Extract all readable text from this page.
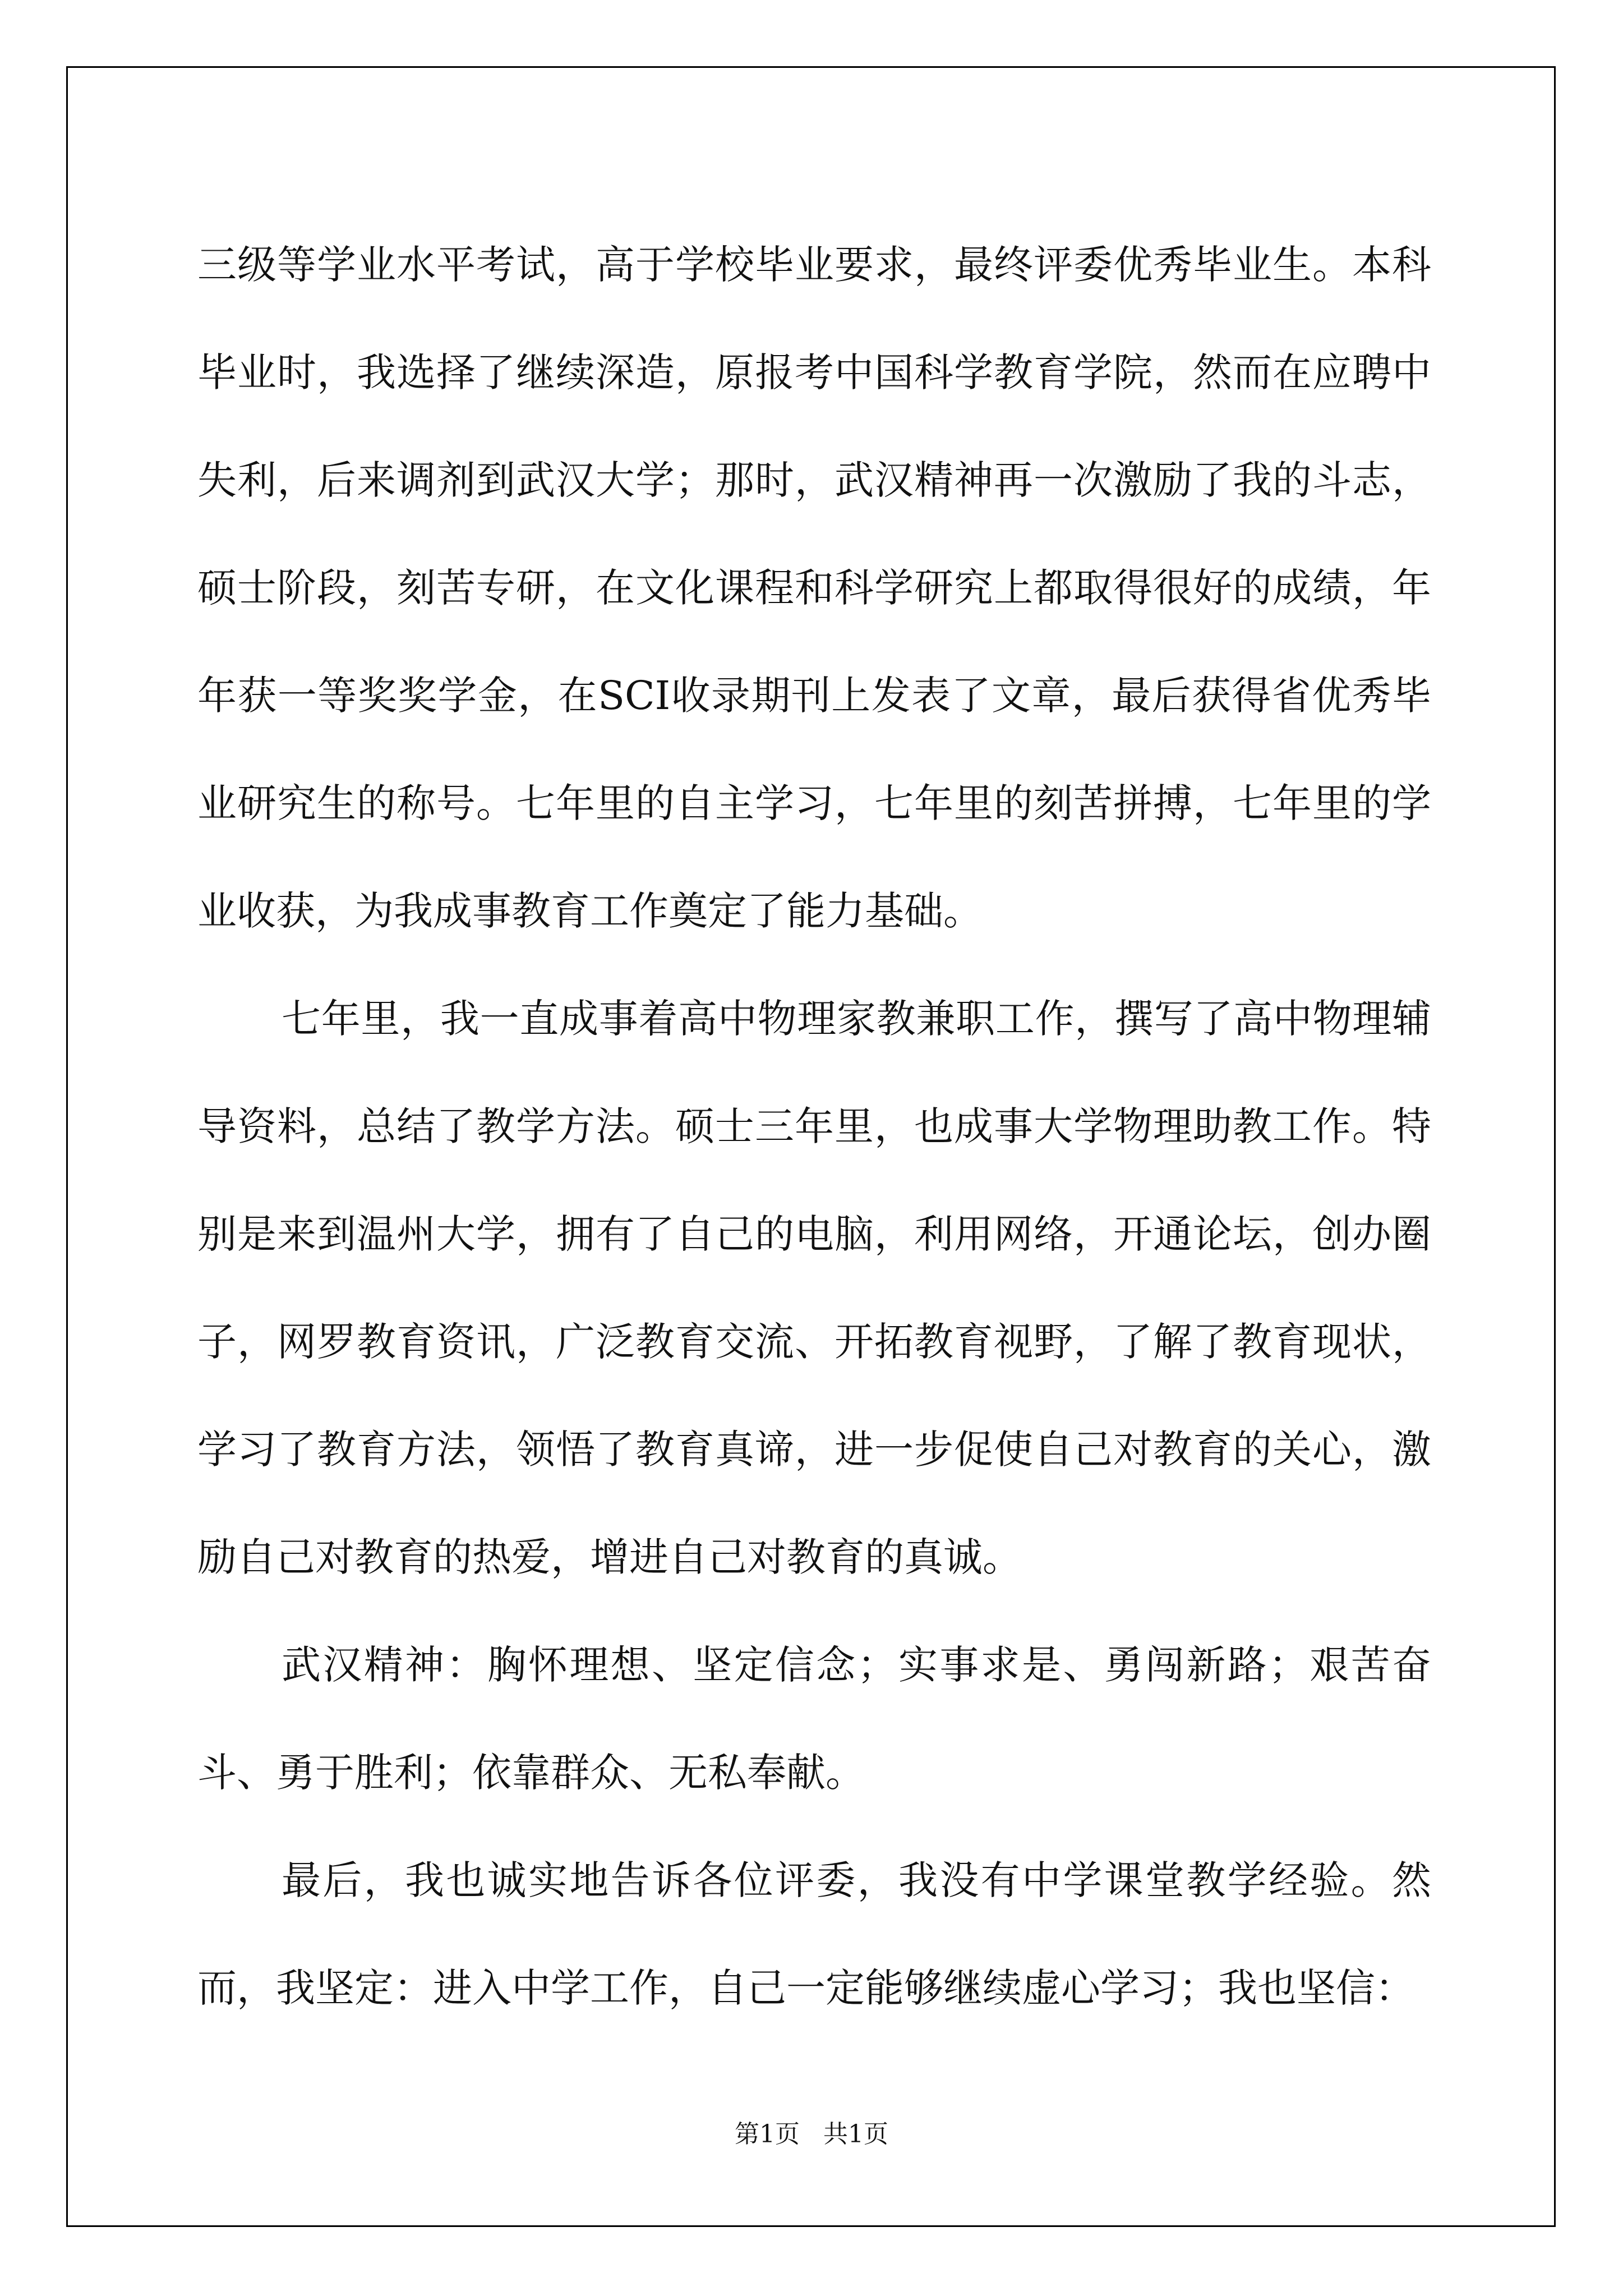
三级等学业水平考试，高于学校毕业要求，最终评委优秀毕业生。本科毕业时，我选择了继续深造，原报考中国科学教育学院，然而在应聘中失利，后来调剂到武汉大学；那时，武汉精神再一次激励了我的斗志，硕士阶段，刻苦专研，在文化课程和科学研究上都取得很好的成绩，年年获一等奖奖学金，在SCI收录期刊上发表了文章，最后获得省优秀毕业研究生的称号。七年里的自主学习，七年里的刻苦拼搏，七年里的学业收获，为我成事教育工作奠定了能力基础。

七年里，我一直成事着高中物理家教兼职工作，撰写了高中物理辅导资料，总结了教学方法。硕士三年里，也成事大学物理助教工作。特别是来到温州大学，拥有了自己的电脑，利用网络，开通论坛，创办圈子，网罗教育资讯，广泛教育交流、开拓教育视野，了解了教育现状，学习了教育方法，领悟了教育真谛，进一步促使自己对教育的关心，激励自己对教育的热爱，增进自己对教育的真诚。

武汉精神：胸怀理想、坚定信念；实事求是、勇闯新路；艰苦奋斗、勇于胜利；依靠群众、无私奉献。

最后，我也诚实地告诉各位评委，我没有中学课堂教学经验。然而，我坚定：进入中学工作，自己一定能够继续虚心学习；我也坚信：

第1页 共1页
